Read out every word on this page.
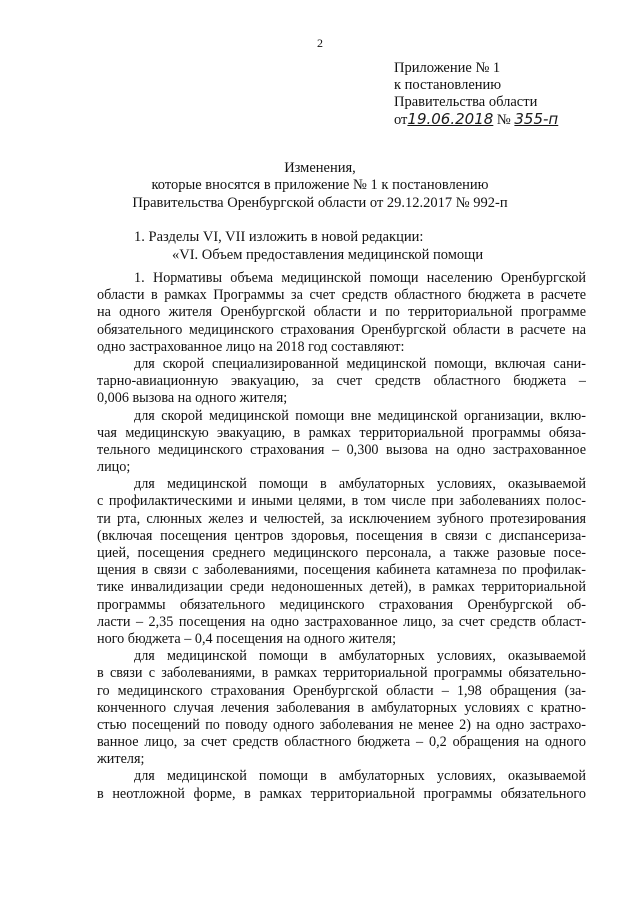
2
Приложение № 1
к постановлению
Правительства области
от19.06.2018 № 355-п
Изменения,
которые вносятся в приложение № 1 к постановлению
Правительства Оренбургской области от 29.12.2017 № 992-п
1. Разделы VI, VII изложить в новой редакции:
«VI. Объем предоставления медицинской помощи
1. Нормативы объема медицинской помощи населению Оренбургской
области в рамках Программы за счет средств областного бюджета в расчете
на одного жителя Оренбургской области и по территориальной программе
обязательного медицинского страхования Оренбургской области в расчете на
одно застрахованное лицо на 2018 год составляют:
для скорой специализированной медицинской помощи, включая сани-
тарно-авиационную эвакуацию, за счет средств областного бюджета –
0,006 вызова на одного жителя;
для скорой медицинской помощи вне медицинской организации, вклю-
чая медицинскую эвакуацию, в рамках территориальной программы обяза-
тельного медицинского страхования – 0,300 вызова на одно застрахованное
лицо;
для медицинской помощи в амбулаторных условиях, оказываемой
с профилактическими и иными целями, в том числе при заболеваниях полос-
ти рта, слюнных желез и челюстей, за исключением зубного протезирования
(включая посещения центров здоровья, посещения в связи с диспансериза-
цией, посещения среднего медицинского персонала, а также разовые посе-
щения в связи с заболеваниями, посещения кабинета катамнеза по профилак-
тике инвалидизации среди недоношенных детей), в рамках территориальной
программы обязательного медицинского страхования Оренбургской об-
ласти – 2,35 посещения на одно застрахованное лицо, за счет средств област-
ного бюджета – 0,4 посещения на одного жителя;
для медицинской помощи в амбулаторных условиях, оказываемой
в связи с заболеваниями, в рамках территориальной программы обязательно-
го медицинского страхования Оренбургской области – 1,98 обращения (за-
конченного случая лечения заболевания в амбулаторных условиях с кратно-
стью посещений по поводу одного заболевания не менее 2) на одно застрахо-
ванное лицо, за счет средств областного бюджета – 0,2 обращения на одного
жителя;
для медицинской помощи в амбулаторных условиях, оказываемой
в неотложной форме, в рамках территориальной программы обязательного
